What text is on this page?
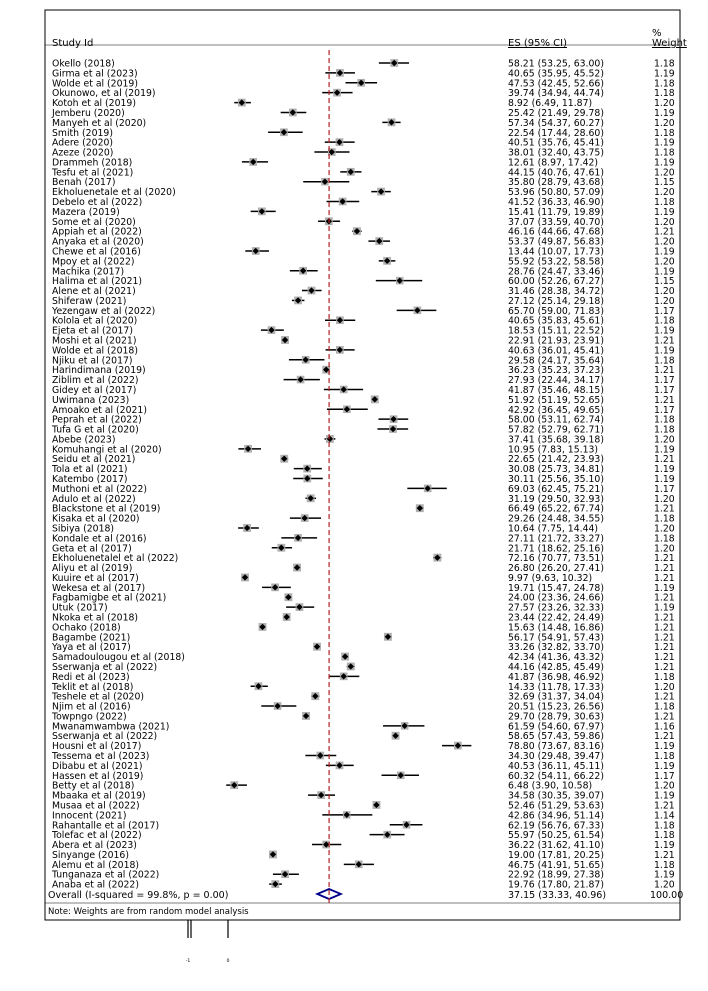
Study Id	ES (95% CI)
%
Weight
Okello (2018)	58.21 (53.25, 63.00)	1.18
Girma et al (2023)	40.65 (35.95, 45.52)	1.19
Wolde et al (2019)	47.53 (42.45, 52.66)	1.18
Okunowo, et al (2019)	39.74 (34.94, 44.74)	1.18
Kotoh et al (2019)	8.92 (6.49, 11.87)	1.20
Jemberu (2020)	25.42 (21.49, 29.78)	1.19
Manyeh et al (2020)	57.34 (54.37, 60.27)	1.20
Smith (2019)	22.54 (17.44, 28.60)	1.18
Adere (2020)	40.51 (35.76, 45.41)	1.19
Azeze (2020)	38.01 (32.40, 43.75)	1.18
Drammeh (2018)	12.61 (8.97, 17.42)	1.19
Tesfu et al (2021)	44.15 (40.76, 47.61)	1.20
Benah (2017)	35.80 (28.79, 43.68)	1.15
Ekholuenetale et al (2020)	53.96 (50.80, 57.09)	1.20
Debelo et al (2022)	41.52 (36.33, 46.90)	1.18
Mazera (2019)	15.41 (11.79, 19.89)	1.19
Some et al (2020)	37.07 (33.59, 40.70)	1.20
Appiah et al (2022)	46.16 (44.66, 47.68)	1.21
Anyaka et al (2020)	53.37 (49.87, 56.83)	1.20
Chewe et al (2016)	13.44 (10.07, 17.73)	1.19
Mpoy et al (2022)	55.92 (53.22, 58.58)	1.20
Machika (2017)	28.76 (24.47, 33.46)	1.19
Halima et al (2021)	60.00 (52.26, 67.27)	1.15
Alene et al (2021)	31.46 (28.38, 34.72)	1.20
Shiferaw (2021)	27.12 (25.14, 29.18)	1.20
Yezengaw et al (2022)	65.70 (59.00, 71.83)	1.17
Kolola et al (2020)	40.65 (35.83, 45.61)	1.18
Ejeta et al (2017)	18.53 (15.11, 22.52)	1.19
Moshi et al (2021)	22.91 (21.93, 23.91)	1.21
Wolde et al (2018)	40.63 (36.01, 45.41)	1.19
Njiku et al (2017)	29.58 (24.17, 35.64)	1.18
Harindimana (2019)	36.23 (35.23, 37.23)	1.21
Ziblim et al (2022)	27.93 (22.44, 34.17)	1.17
Gidey et al (2017)	41.87 (35.46, 48.15)	1.17
Uwimana (2023)	51.92 (51.19, 52.65)	1.21
Amoako et al (2021)	42.92 (36.45, 49.65)	1.17
Peprah et al (2022)	58.00 (53.11, 62.74)	1.18
Tufa G et al (2020)	57.82 (52.79, 62.71)	1.18
Abebe (2023)	37.41 (35.68, 39.18)	1.20
Komuhangi et al (2020)	10.95 (7.83, 15.13)	1.19
Seidu et al (2021)	22.65 (21.42, 23.93)	1.21
Tola et al (2021)	30.08 (25.73, 34.81)	1.19
Katembo (2017)	30.11 (25.56, 35.10)	1.19
Muthoni et al (2022)	69.03 (62.45, 75.21)	1.17
Adulo et al (2022)	31.19 (29.50, 32.93)	1.20
Blackstone et al (2019)	66.49 (65.22, 67.74)	1.21
Kisaka et al (2020)	29.26 (24.48, 34.55)	1.18
Sibiya (2018)	10.64 (7.75, 14.44)	1.20
Kondale et al (2016)	27.11 (21.72, 33.27)	1.18
Geta et al (2017)	21.71 (18.62, 25.16)	1.20
Ekholuenetalel et al (2022)	72.16 (70.77, 73.51)	1.21
Aliyu et al (2019)	26.80 (26.20, 27.41)	1.21
Kuuire et al (2017)	9.97 (9.63, 10.32)	1.21
Wekesa et al (2017)	19.71 (15.47, 24.78)	1.19
Fagbamigbe et al (2021)	24.00 (23.36, 24.66)	1.21
Utuk (2017)	27.57 (23.26, 32.33)	1.19
Nkoka et al (2018)	23.44 (22.42, 24.49)	1.21
Ochako (2018)	15.63 (14.48, 16.86)	1.21
Bagambe (2021)	56.17 (54.91, 57.43)	1.21
Yaya et al (2017)	33.26 (32.82, 33.70)	1.21
Samadoulougou et al (2018)	42.34 (41.36, 43.32)	1.21
Sserwanja et al (2022)	44.16 (42.85, 45.49)	1.21
Redi et al (2023)	41.87 (36.98, 46.92)	1.18
Teklit et al (2018)	14.33 (11.78, 17.33)	1.20
Teshele et al (2020)	32.69 (31.37, 34.04)	1.21
Njim et al (2016)	20.51 (15.23, 26.56)	1.18
Towpngo (2022)	29.70 (28.79, 30.63)	1.21
Mwanamwambwa (2021)	61.59 (54.60, 67.97)	1.16
Sserwanja et al (2022)	58.65 (57.43, 59.86)	1.21
Housni et al (2017)	78.80 (73.67, 83.16)	1.19
Tessema et al (2023)	34.30 (29.48, 39.47)	1.18
Dibabu et al (2021)	40.53 (36.11, 45.11)	1.19
Hassen et al (2019)	60.32 (54.11, 66.22)	1.17
Betty et al (2018)	6.48 (3.90, 10.58)	1.20
Mbaaka et al (2019)	34.58 (30.35, 39.07)	1.19
Musaa et al (2022)	52.46 (51.29, 53.63)	1.21
Innocent (2021)	42.86 (34.96, 51.14)	1.14
Rahantalle et al (2017)	62.19 (56.76, 67.33)	1.18
Tolefac et al (2022)	55.97 (50.25, 61.54)	1.18
Abera et al (2023)	36.22 (31.62, 41.10)	1.19
Sinyange (2016)	19.00 (17.81, 20.25)	1.21
Alemu et al (2018)	46.75 (41.91, 51.65)	1.18
Tunganaza et al (2022)	22.92 (18.99, 27.38)	1.19
Anaba et al (2022)	19.76 (17.80, 21.87)	1.20
Overall (I-squared = 99.8%, p = 0.00)	37.15 (33.33, 40.96)	100.00
Note: Weights are from random model analysis
-1	0
